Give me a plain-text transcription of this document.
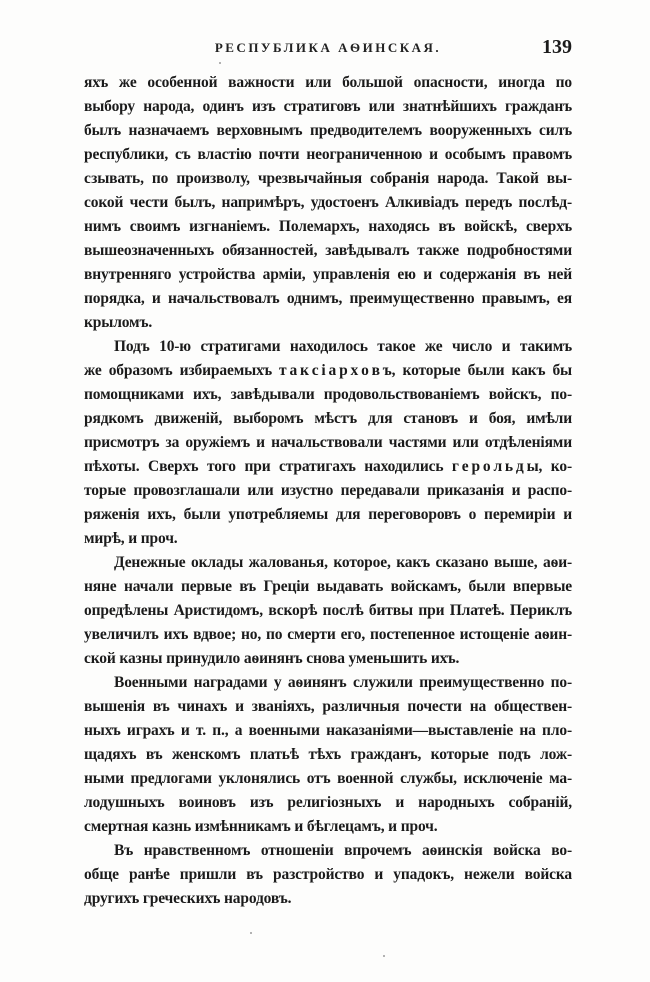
РЕСПУБЛИКА АѲИНСКАЯ.	139
яхъ же особенной важности или большой опасности, иногда по
выбору народа, одинъ изъ стратиговъ или знатнѣйшихъ гражданъ
былъ назначаемъ верховнымъ предводителемъ вооруженныхъ силъ
республики, съ властію почти неограниченною и особымъ правомъ
сзывать, по произволу, чрезвычайныя собранія народа. Такой вы-
сокой чести былъ, напримѣръ, удостоенъ Алкивіадъ передъ послѣд-
нимъ своимъ изгнаніемъ. Полемархъ, находясь въ войскѣ, сверхъ
вышеозначенныхъ обязанностей, завѣдывалъ также подробностями
внутренняго устройства арміи, управленія ею и содержанія въ ней
порядка, и начальствовалъ однимъ, преимущественно правымъ, ея
крыломъ.
Подъ 10-ю стратигами находилось такое же число и такимъ
же образомъ избираемыхъ т а к с і а р х о в ъ, которые были какъ бы
помощниками ихъ, завѣдывали продовольствованіемъ войскъ, по-
рядкомъ движеній, выборомъ мѣстъ для становъ и боя, имѣли
присмотръ за оружіемъ и начальствовали частями или отдѣленіями
пѣхоты. Сверхъ того при стратигахъ находились г е р о л ь д ы, ко-
торые провозглашали или изустно передавали приказанія и распо-
ряженія ихъ, были употребляемы для переговоровъ о перемиріи и
мирѣ, и проч.
Денежные оклады жалованья, которое, какъ сказано выше, аѳи-
няне начали первые въ Греціи выдавать войскамъ, были впервые
опредѣлены Аристидомъ, вскорѣ послѣ битвы при Платеѣ. Периклъ
увеличилъ ихъ вдвое; но, по смерти его, постепенное истощеніе аѳин-
ской казны принудило аѳинянъ снова уменьшить ихъ.
Военными наградами у аѳинянъ служили преимущественно по-
вышенія въ чинахъ и званіяхъ, различныя почести на обществен-
ныхъ играхъ и т. п., а военными наказаніями—выставленіе на пло-
щадяхъ въ женскомъ платьѣ тѣхъ гражданъ, которые подъ лож-
ными предлогами уклонялись отъ военной службы, исключеніе ма-
лодушныхъ воиновъ изъ религіозныхъ и народныхъ собраній,
смертная казнь измѣнникамъ и бѣглецамъ, и проч.
Въ нравственномъ отношеніи впрочемъ аѳинскія войска во-
обще ранѣе пришли въ разстройство и упадокъ, нежели войска
другихъ греческихъ народовъ.
